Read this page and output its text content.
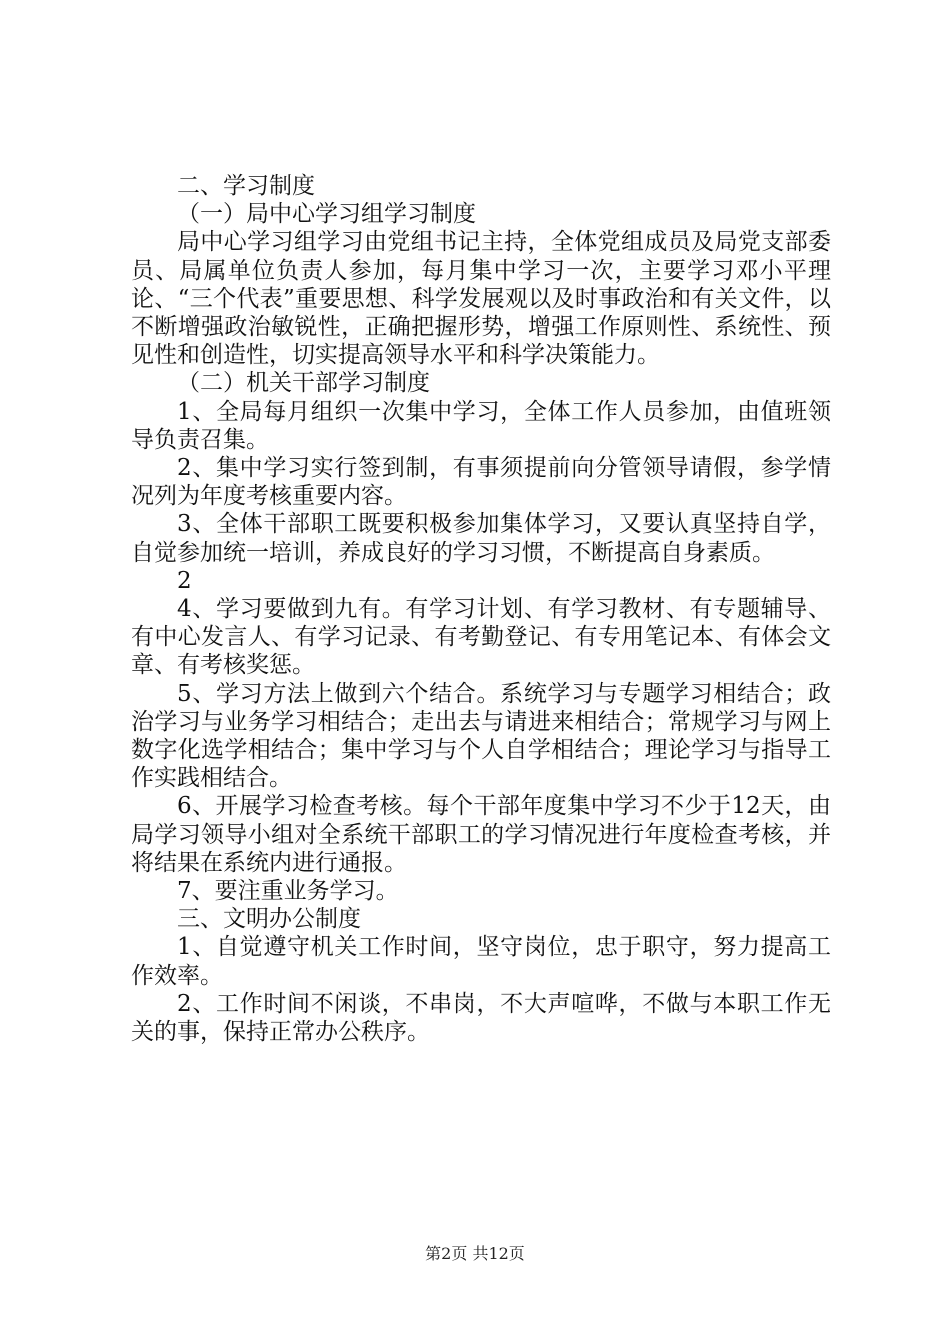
二、学习制度

（一）局中心学习组学习制度

局中心学习组学习由党组书记主持，全体党组成员及局党支部委员、局属单位负责人参加，每月集中学习一次，主要学习邓小平理论、“三个代表”重要思想、科学发展观以及时事政治和有关文件，以不断增强政治敏锐性，正确把握形势，增强工作原则性、系统性、预见性和创造性，切实提高领导水平和科学决策能力。

（二）机关干部学习制度

1、全局每月组织一次集中学习，全体工作人员参加，由值班领导负责召集。

2、集中学习实行签到制，有事须提前向分管领导请假，参学情况列为年度考核重要内容。

3、全体干部职工既要积极参加集体学习，又要认真坚持自学，自觉参加统一培训，养成良好的学习习惯，不断提高自身素质。

2

4、学习要做到九有。有学习计划、有学习教材、有专题辅导、有中心发言人、有学习记录、有考勤登记、有专用笔记本、有体会文章、有考核奖惩。

5、学习方法上做到六个结合。系统学习与专题学习相结合；政治学习与业务学习相结合；走出去与请进来相结合；常规学习与网上数字化选学相结合；集中学习与个人自学相结合；理论学习与指导工作实践相结合。

6、开展学习检查考核。每个干部年度集中学习不少于12天，由局学习领导小组对全系统干部职工的学习情况进行年度检查考核，并将结果在系统内进行通报。

7、要注重业务学习。

三、文明办公制度

1、自觉遵守机关工作时间，坚守岗位，忠于职守，努力提高工作效率。

2、工作时间不闲谈，不串岗，不大声喧哗，不做与本职工作无关的事，保持正常办公秩序。

第2页 共12页
